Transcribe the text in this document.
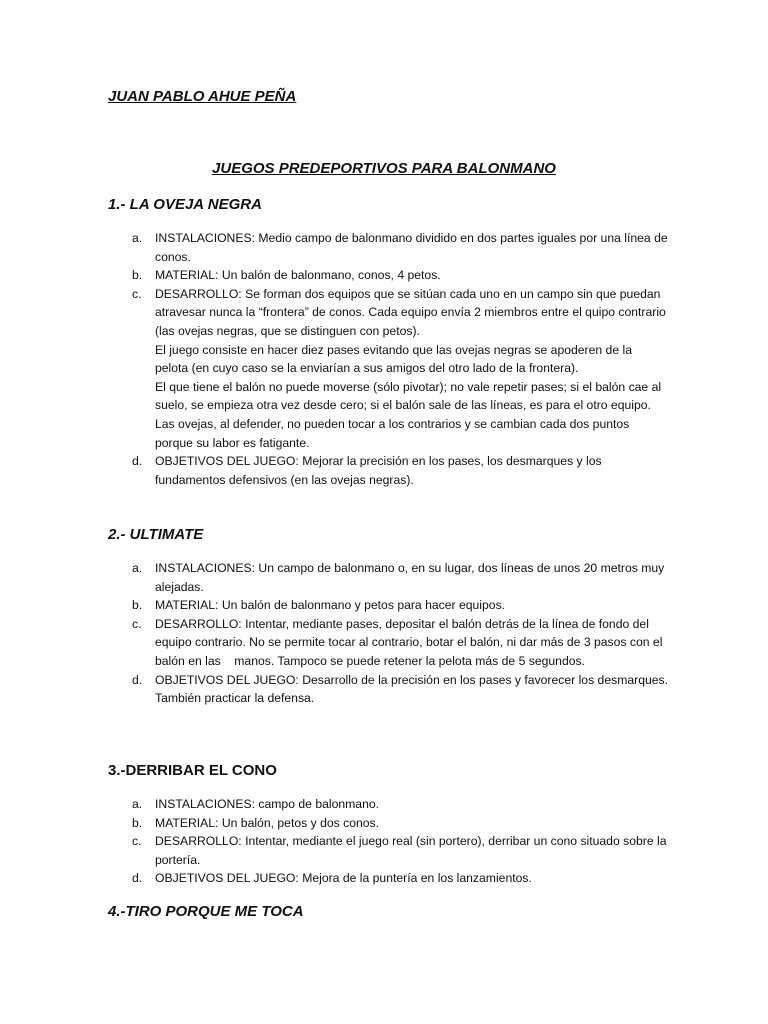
JUAN PABLO AHUE PEÑA

JUEGOS PREDEPORTIVOS PARA BALONMANO

1.- LA OVEJA NEGRA
a. INSTALACIONES: Medio campo de balonmano dividido en dos partes iguales por una línea de conos.
b. MATERIAL: Un balón de balonmano, conos, 4 petos.
c. DESARROLLO: Se forman dos equipos que se sitúan cada uno en un campo sin que puedan atravesar nunca la “frontera” de conos. Cada equipo envía 2 miembros entre el quipo contrario (las ovejas negras, que se distinguen con petos).
El juego consiste en hacer diez pases evitando que las ovejas negras se apoderen de la pelota (en cuyo caso se la enviarían a sus amigos del otro lado de la frontera).
El que tiene el balón no puede moverse (sólo pivotar); no vale repetir pases; si el balón cae al suelo, se empieza otra vez desde cero; si el balón sale de las líneas, es para el otro equipo.
Las ovejas, al defender, no pueden tocar a los contrarios y se cambian cada dos puntos porque su labor es fatigante.
d. OBJETIVOS DEL JUEGO: Mejorar la precisión en los pases, los desmarques y los fundamentos defensivos (en las ovejas negras).
2.- ULTIMATE
a. INSTALACIONES: Un campo de balonmano o, en su lugar, dos líneas de unos 20 metros muy alejadas.
b. MATERIAL: Un balón de balonmano y petos para hacer equipos.
c. DESARROLLO: Intentar, mediante pases, depositar el balón detrás de la línea de fondo del equipo contrario. No se permite tocar al contrario, botar el balón, ni dar más de 3 pasos con el balón en las    manos. Tampoco se puede retener la pelota más de 5 segundos.
d. OBJETIVOS DEL JUEGO: Desarrollo de la precisión en los pases y favorecer los desmarques. También practicar la defensa.
3.-DERRIBAR EL CONO
a. INSTALACIONES: campo de balonmano.
b. MATERIAL: Un balón, petos y dos conos.
c. DESARROLLO: Intentar, mediante el juego real (sin portero), derribar un cono situado sobre la portería.
d. OBJETIVOS DEL JUEGO: Mejora de la puntería en los lanzamientos.
4.-TIRO PORQUE ME TOCA
